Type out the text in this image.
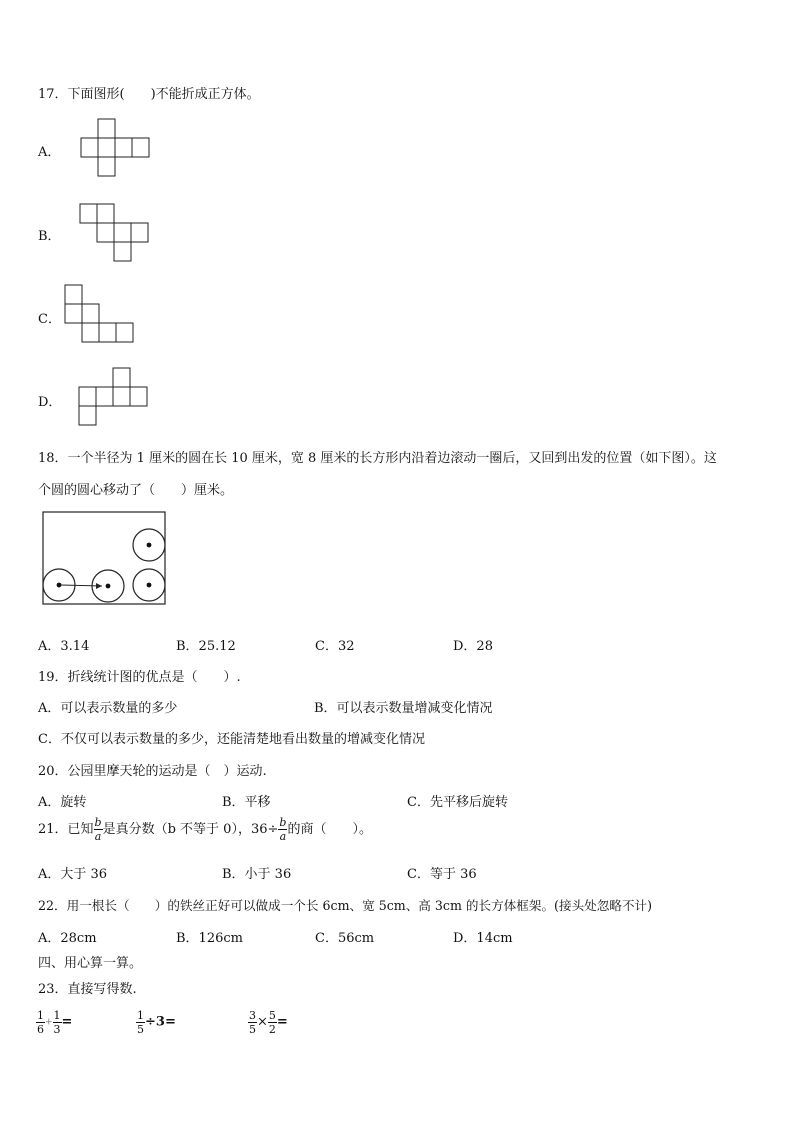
17．下面图形(　　)不能折成正方体。
A．
B．
C．
D．
18．一个半径为 1 厘米的圆在长 10 厘米，宽 8 厘米的长方形内沿着边滚动一圈后，又回到出发的位置（如下图）。这
个圆的圆心移动了（　　）厘米。
A．3.14	B．25.12	C．32	D．28
19．折线统计图的优点是（　　）.
A．可以表示数量的多少	B．可以表示数量增减变化情况
C．不仅可以表示数量的多少，还能清楚地看出数量的增减变化情况
20．公园里摩天轮的运动是（　）运动.
A．旋转	B．平移	C．先平移后旋转
21．已知 $\frac{b}{a}$ 是真分数（b 不等于 0），$36\div \frac{b}{a}$ 的商（　　）。
A．大于 36	B．小于 36	C．等于 36
22．用一根长（　　）的铁丝正好可以做成一个长 6cm、宽 5cm、高 3cm 的长方体框架。(接头处忽略不计)
A．28cm	B．126cm	C．56cm	D．14cm
四、用心算一算。
23．直接写得数.
$\frac{1}{6} + \frac{1}{3}$ =	$\frac{1}{5} \div 3=$	$\frac{3}{5} \times \frac{5}{2}$ =
